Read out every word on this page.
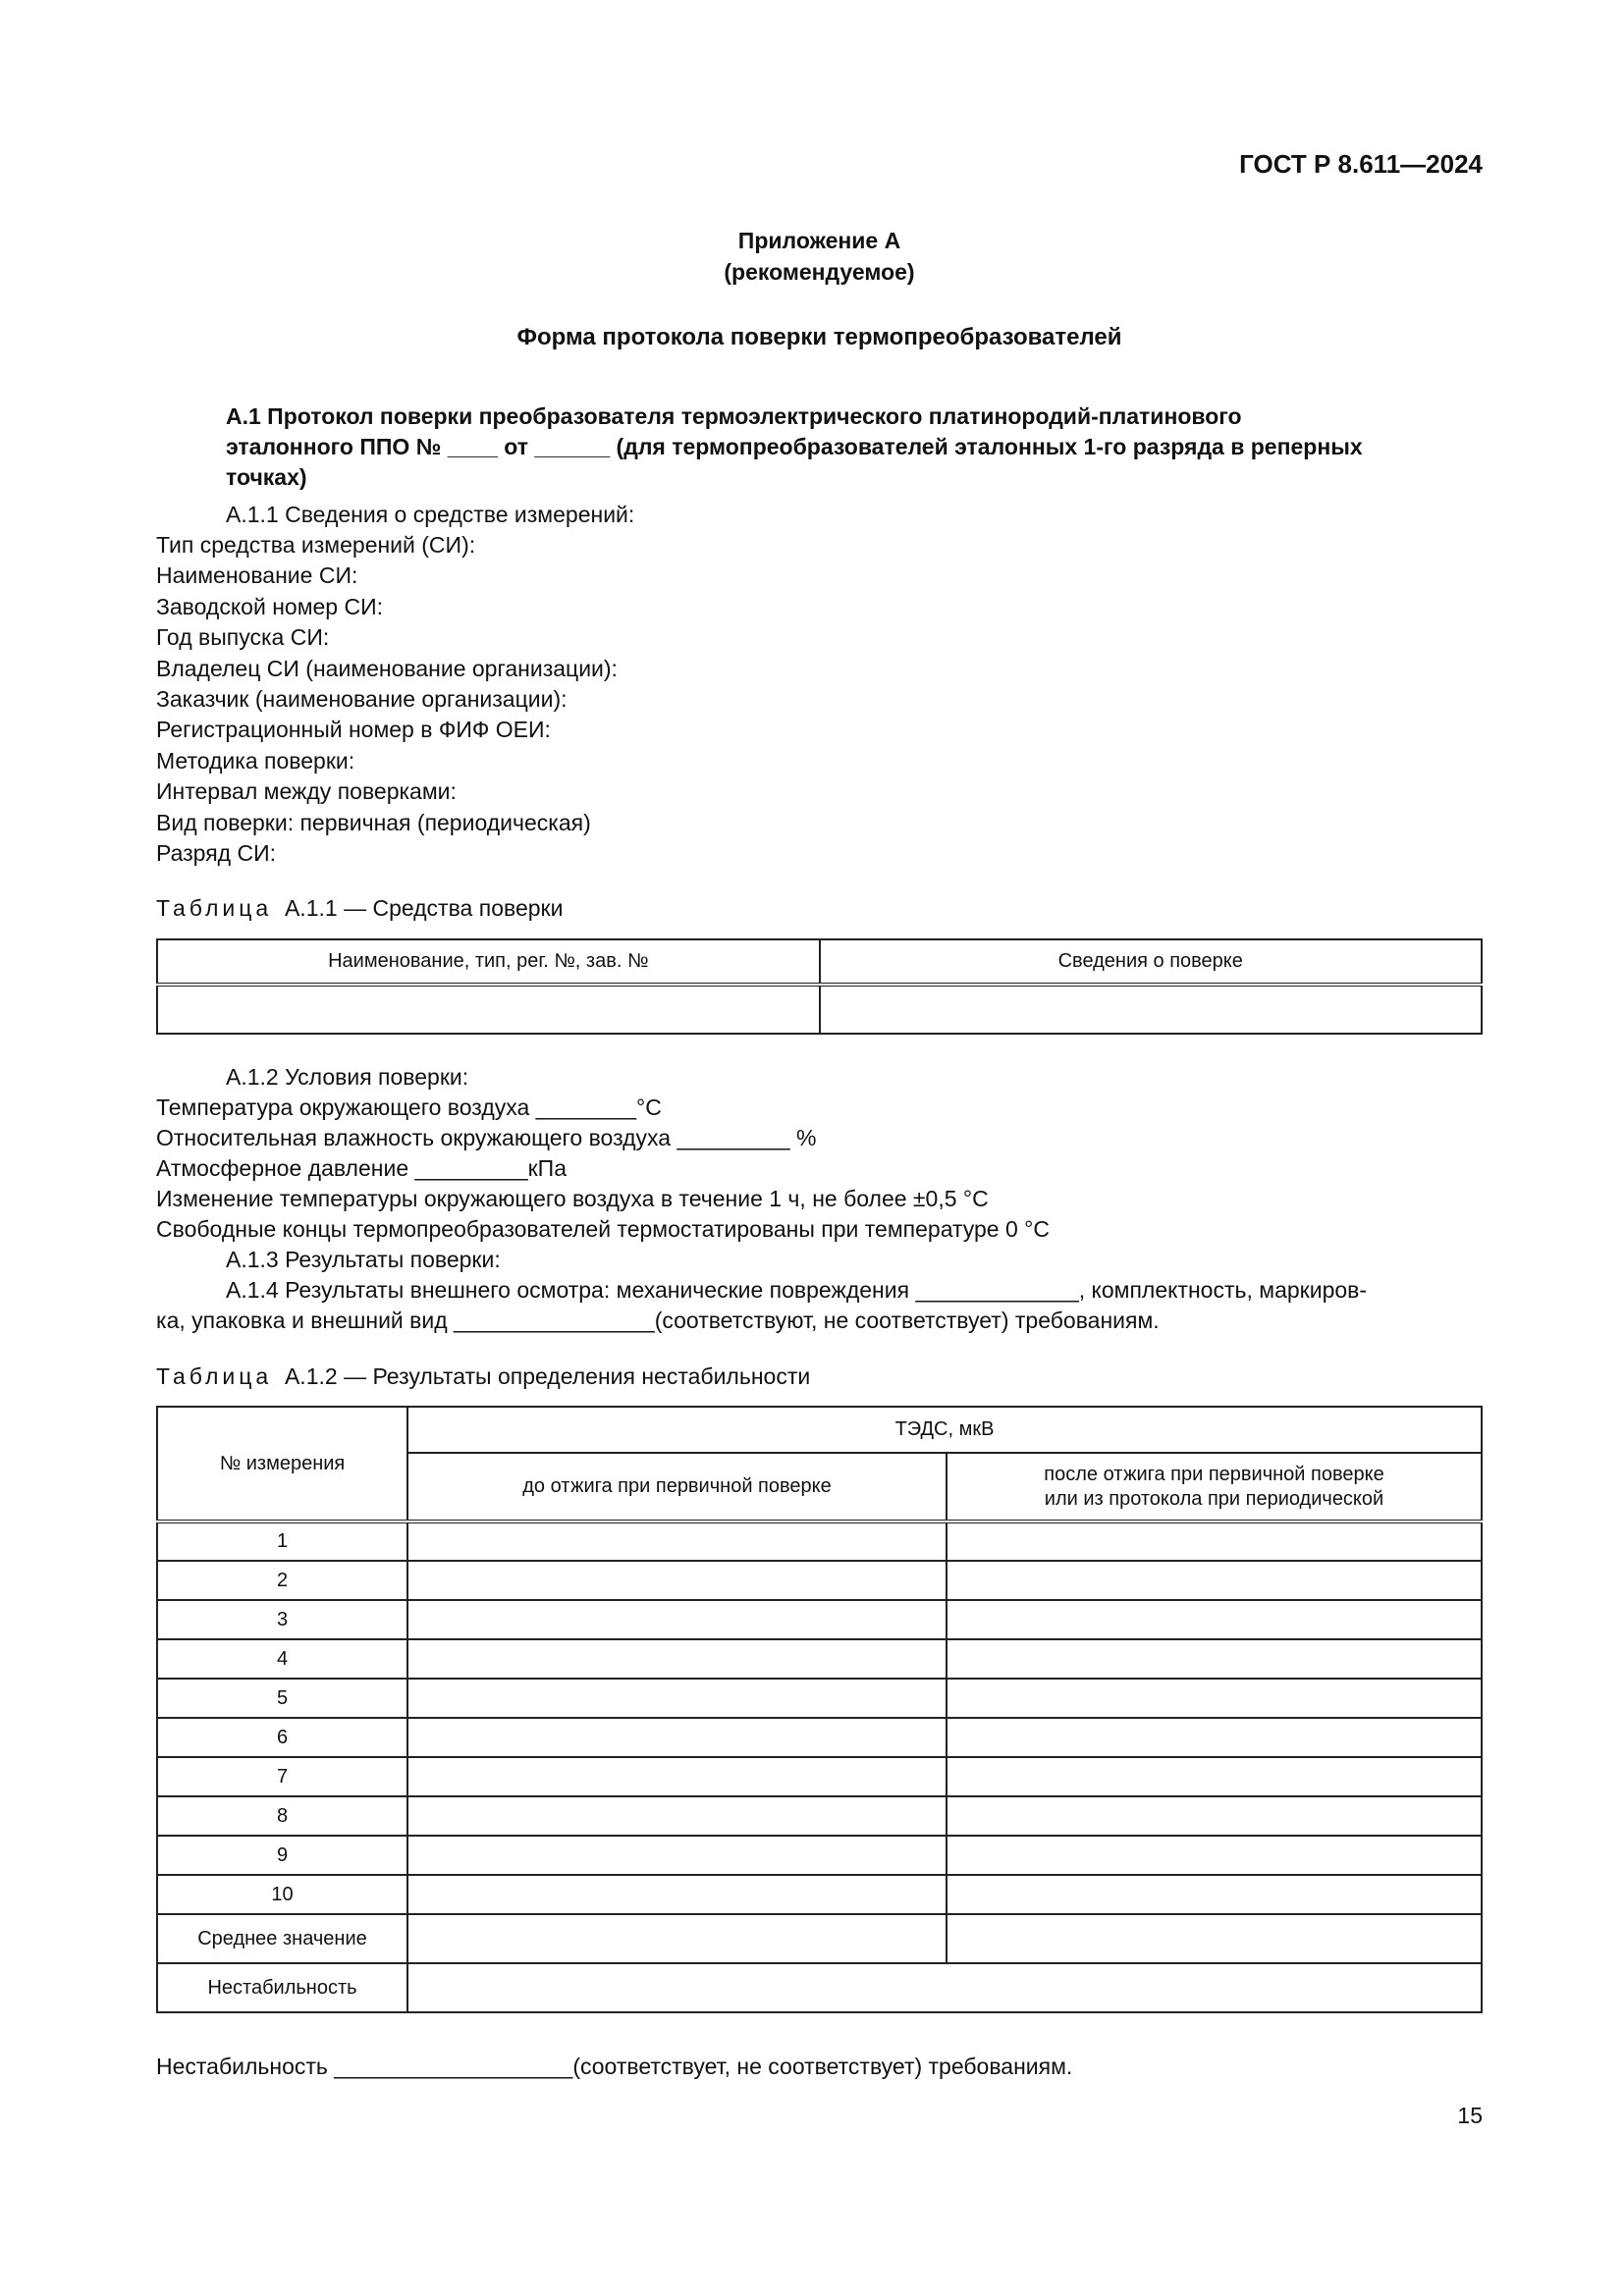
ГОСТ Р 8.611—2024
Приложение А
(рекомендуемое)
Форма протокола поверки термопреобразователей
А.1 Протокол поверки преобразователя термоэлектрического платинородий-платинового
эталонного ППО № ____ от ______ (для термопреобразователей эталонных 1-го разряда в реперных
точках)
А.1.1 Сведения о средстве измерений:
Тип средства измерений (СИ):
Наименование СИ:
Заводской номер СИ:
Год выпуска СИ:
Владелец СИ (наименование организации):
Заказчик (наименование организации):
Регистрационный номер в ФИФ ОЕИ:
Методика поверки:
Интервал между поверками:
Вид поверки: первичная (периодическая)
Разряд СИ:
Таблица А.1.1 — Средства поверки
Наименование, тип, рег. №, зав. №	Сведения о поверке

А.1.2 Условия поверки:
Температура окружающего воздуха ________°С
Относительная влажность окружающего воздуха _________ %
Атмосферное давление _________кПа
Изменение температуры окружающего воздуха в течение 1 ч, не более ±0,5 °С
Свободные концы термопреобразователей термостатированы при температуре 0 °С
А.1.3 Результаты поверки:
А.1.4 Результаты внешнего осмотра: механические повреждения _____________, комплектность, маркиров-
ка, упаковка и внешний вид ________________(соответствуют, не соответствует) требованиям.
Таблица А.1.2 — Результаты определения нестабильности
№ измерения	ТЭДС, мкВ	
	до отжига при первичной поверке	после отжига при первичной поверке
или из протокола при периодической

1		
2		
3		
4		
5		
6		
7		
8		
9		
10		
Среднее значение		
Нестабильность		
Нестабильность ___________________(соответствует, не соответствует) требованиям.
15
